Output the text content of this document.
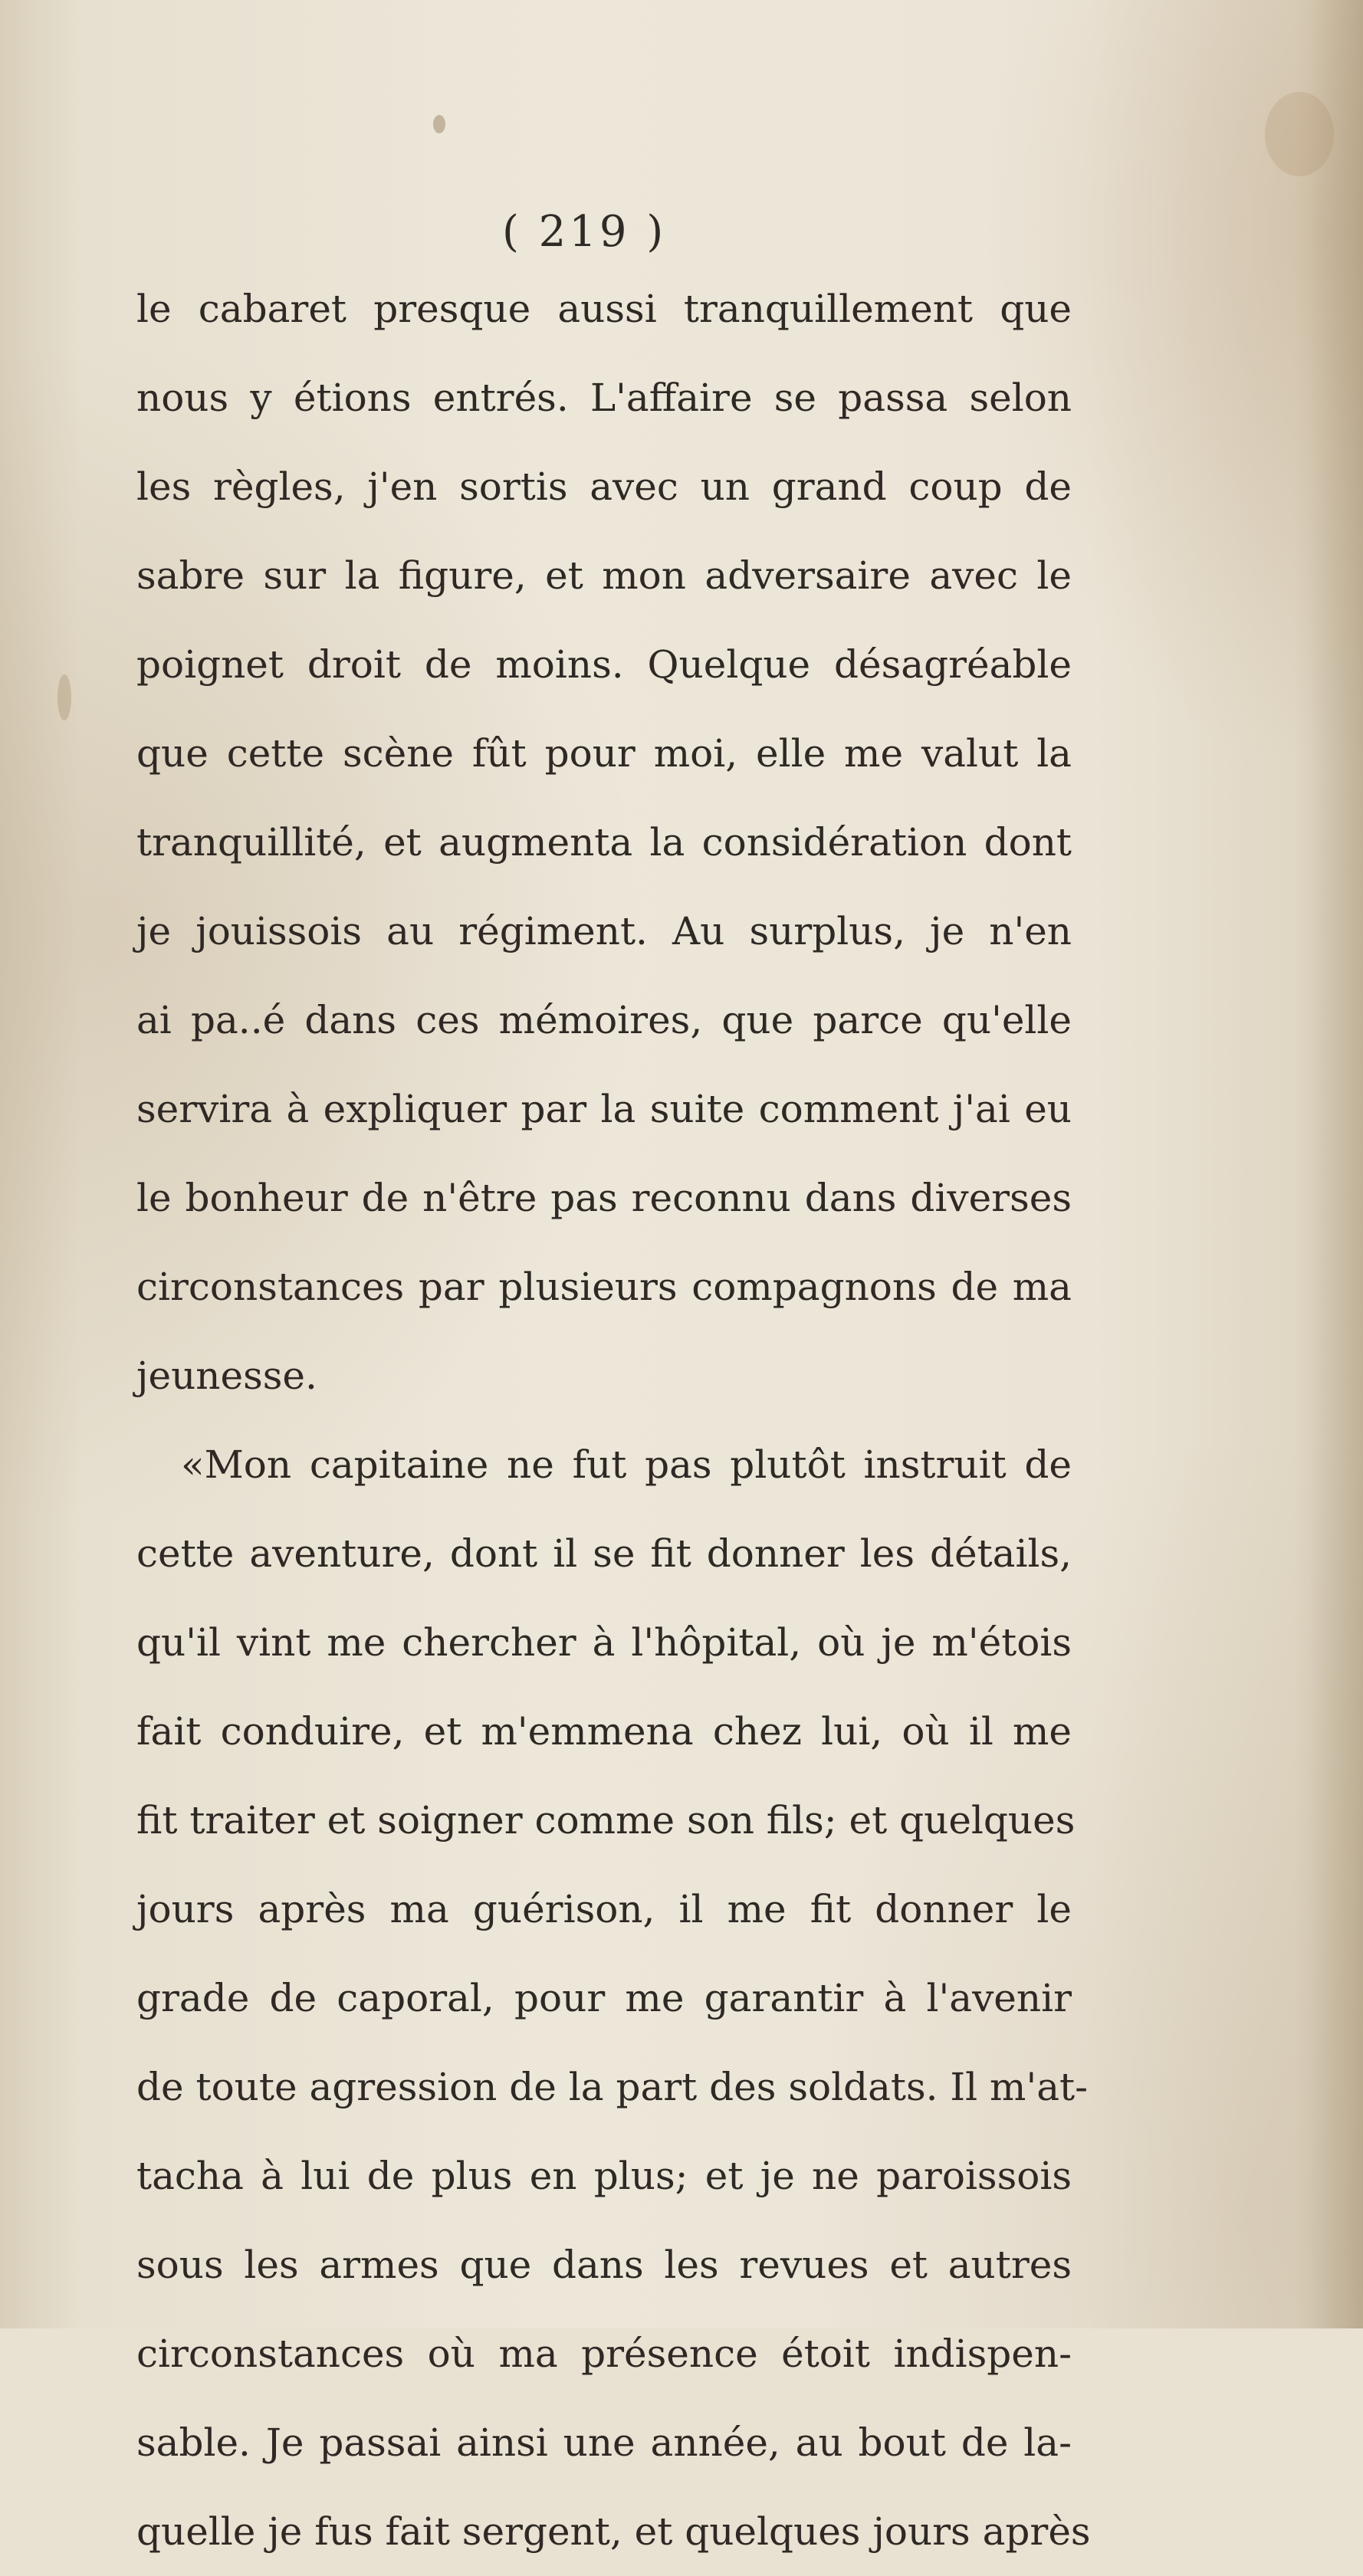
( 219 )
le cabaret presque aussi tranquillement que
nous y étions entrés. L'affaire se passa selon
les règles, j'en sortis avec un grand coup de
sabre sur la figure, et mon adversaire avec le
poignet droit de moins. Quelque désagréable
que cette scène fût pour moi, elle me valut la
tranquillité, et augmenta la considération dont
je jouissois au régiment. Au surplus, je n'en
ai pa..é dans ces mémoires, que parce qu'elle
servira à expliquer par la suite comment j'ai eu
le bonheur de n'être pas reconnu dans diverses
circonstances par plusieurs compagnons de ma
jeunesse.
«Mon capitaine ne fut pas plutôt instruit de
cette aventure, dont il se fit donner les détails,
qu'il vint me chercher à l'hôpital, où je m'étois
fait conduire, et m'emmena chez lui, où il me
fit traiter et soigner comme son fils; et quelques
jours après ma guérison, il me fit donner le
grade de caporal, pour me garantir à l'avenir
de toute agression de la part des soldats. Il m'at-
tacha à lui de plus en plus; et je ne paroissois
sous les armes que dans les revues et autres
circonstances où ma présence étoit indispen-
sable. Je passai ainsi une année, au bout de la-
quelle je fus fait sergent, et quelques jours après
